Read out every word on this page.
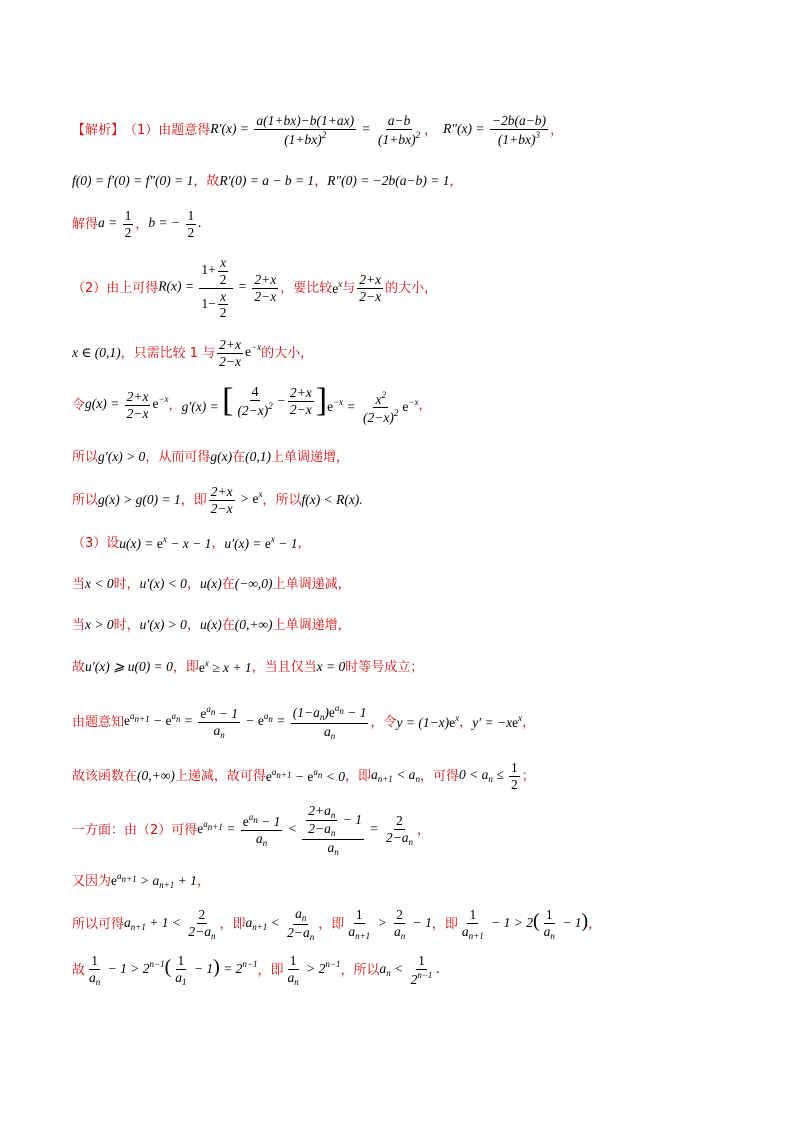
【解析】 （1）由题意得 $R'(x) = \frac{a(1+bx)-b(1+ax)}{(1+bx)^2} = \frac{a-b}{(1+bx)^2}$ ， $R''(x) = \frac{-2b(a-b)}{(1+bx)^3}$ ，
f(0) = f′(0) = f″(0) = 1 ，故 R′(0) = a − b = 1 ， R″(0) = −2b(a−b) = 1 ，
解得 $a = \frac{1}{2}$ ， b = − $\frac{1}{2}$ .
（2）由上可得 $R(x) = \frac{1+ \frac{x}{2}}{1- \frac{x}{2}} = \frac{2+x}{2-x}$ ，要比较 $e^x$ 与 $\frac{2+x}{2-x}$ 的大小，
x ∈ (0,1) ，只需比较 1 与 $\frac{2+x}{2-x} e^{-x}$ 的大小，
令 $g(x) = \frac{2+x}{2-x} e^{-x}$ ， g′(x) = [ $\frac{4}{(2-x)^2} - \frac{2+x}{2-x}$ ] $e^{-x} = \frac{x^2}{(2-x)^2} e^{-x}$ ，
所以 g′(x) > 0 ，从而可得 g(x) 在 (0,1) 上单调递增，
所以 g(x) > g(0) = 1 ，即 $\frac{2+x}{2-x} > e^x$ ，所以 f(x) < R(x).
（3）设 $u(x) = e^x - x - 1$ ， $u'(x) = e^x - 1$ ，
当 x < 0 时， u′(x) < 0 ， u(x) 在 (−∞,0) 上单调递减，
当 x > 0 时， u′(x) > 0 ， u(x) 在 (0,+∞) 上单调递增，
故 u′(x) ⩾ u(0) = 0 ，即 $e^x \ge x + 1$ ，当且仅当 x = 0 时等号成立；
由题意知 $e^{a_{n+1}} - e^{a_n} = \frac{e^{a_n} - 1}{a_n} - e^{a_n} = \frac{(1-a_n)e^{a_n} - 1}{a_n}$ ，令 $y = (1-x)e^x$ ， $y' = -xe^x$ ，
故该函数在 (0,+∞) 上递减，故可得 $e^{a_{n+1}} - e^{a_n} < 0$ ，即 $a_{n+1} < a_n$ ，可得 $0 < a_n \le \frac{1}{2}$ ；
一方面：由（2）可得 $e^{a_{n+1}} = \frac{e^{a_n} - 1}{a_n} < \frac{\frac{2+a_n}{2-a_n} - 1}{a_n} = \frac{2}{2-a_n}$ ，
又因为 $e^{a_{n+1}} > a_{n+1} + 1$ ，
所以可得 $a_{n+1} + 1 < \frac{2}{2-a_n}$ ，即 $a_{n+1} < \frac{a_n}{2-a_n}$ ，即 $\frac{1}{a_{n+1}} > \frac{2}{a_n} - 1$ ，即 $\frac{1}{a_{n+1}} - 1 > 2( \frac{1}{a_n} - 1)$ ，
故 $\frac{1}{a_n} - 1 > 2^{n-1}( \frac{1}{a_1} - 1) = 2^{n-1}$ ，即 $\frac{1}{a_n} > 2^{n-1}$ ，所以 $a_n < \frac{1}{2^{n-1}}$ .
